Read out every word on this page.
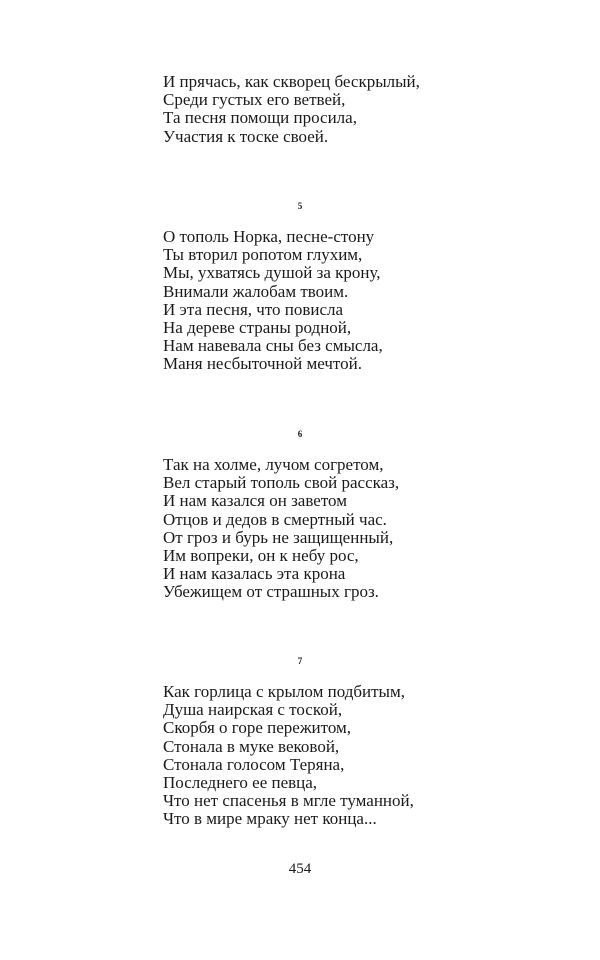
И прячась, как скворец бескрылый,
Среди густых его ветвей,
Та песня помощи просила,
Участия к тоске своей.
5
О тополь Норка, песне-стону
Ты вторил ропотом глухим,
Мы, ухватясь душой за крону,
Внимали жалобам твоим.
И эта песня, что повисла
На дереве страны родной,
Нам навевала сны без смысла,
Маня несбыточной мечтой.
6
Так на холме, лучом согретом,
Вел старый тополь свой рассказ,
И нам казался он заветом
Отцов и дедов в смертный час.
От гроз и бурь не защищенный,
Им вопреки, он к небу рос,
И нам казалась эта крона
Убежищем от страшных гроз.
7
Как горлица с крылом подбитым,
Душа наирская с тоской,
Скорбя о горе пережитом,
Стонала в муке вековой,
Стонала голосом Теряна,
Последнего ее певца,
Что нет спасенья в мгле туманной,
Что в мире мраку нет конца...
454
